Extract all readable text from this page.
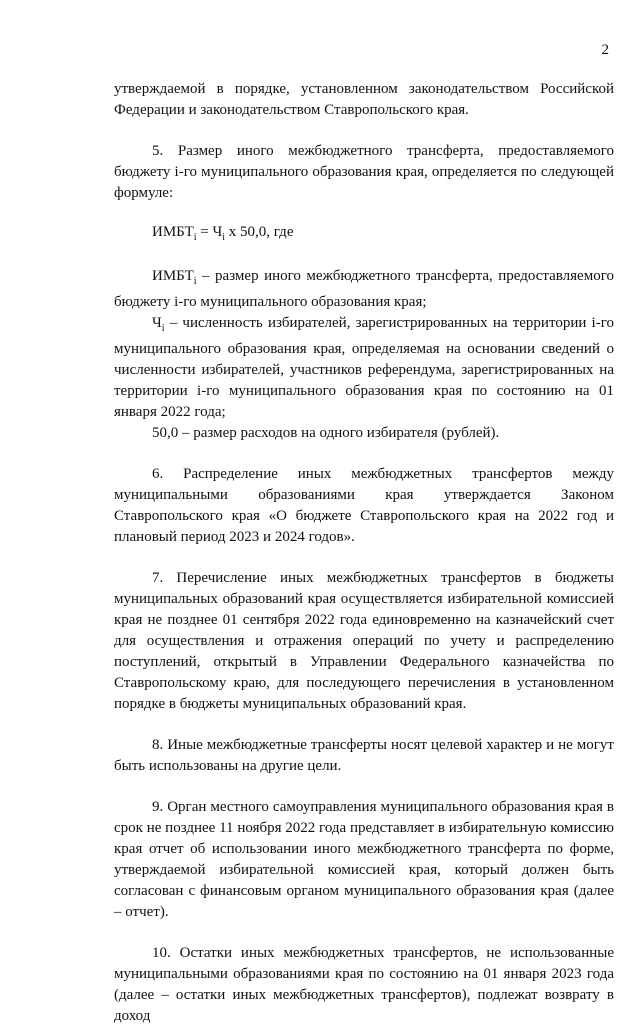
2

утверждаемой в порядке, установленном законодательством Российской Федерации и законодательством Ставропольского края.

5. Размер иного межбюджетного трансферта, предоставляемого бюджету i-го муниципального образования края, определяется по следующей формуле:

$ИМБТ_i = Ч_i$ х 50,0, где

$ИМБТ_i$ – размер иного межбюджетного трансферта, предоставляемого бюджету i-го муниципального образования края;

$Ч_i$ – численность избирателей, зарегистрированных на территории i-го муниципального образования края, определяемая на основании сведений о численности избирателей, участников референдума, зарегистрированных на территории i-го муниципального образования края по состоянию на 01 января 2022 года;

50,0 – размер расходов на одного избирателя (рублей).

6. Распределение иных межбюджетных трансфертов между муниципальными образованиями края утверждается Законом Ставропольского края «О бюджете Ставропольского края на 2022 год и плановый период 2023 и 2024 годов».

7. Перечисление иных межбюджетных трансфертов в бюджеты муниципальных образований края осуществляется избирательной комиссией края не позднее 01 сентября 2022 года единовременно на казначейский счет для осуществления и отражения операций по учету и распределению поступлений, открытый в Управлении Федерального казначейства по Ставропольскому краю, для последующего перечисления в установленном порядке в бюджеты муниципальных образований края.

8. Иные межбюджетные трансферты носят целевой характер и не могут быть использованы на другие цели.

9. Орган местного самоуправления муниципального образования края в срок не позднее 11 ноября 2022 года представляет в избирательную комиссию края отчет об использовании иного межбюджетного трансферта по форме, утверждаемой избирательной комиссией края, который должен быть согласован с финансовым органом муниципального образования края (далее – отчет).

10. Остатки иных межбюджетных трансфертов, не использованные муниципальными образованиями края по состоянию на 01 января 2023 года (далее – остатки иных межбюджетных трансфертов), подлежат возврату в доход
